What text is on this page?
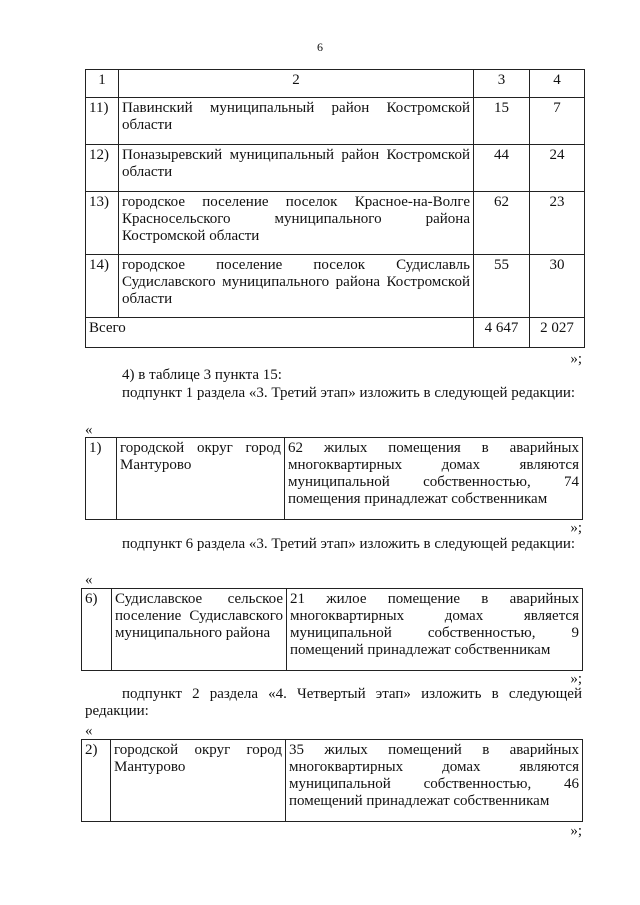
6
1	2	3	4
11)	Павинский муниципальный район Костромской области	15	7
12)	Поназыревский муниципальный район Костромской области	44	24
13)	городское поселение поселок Красное-на-Волге Красносельского муниципального района Костромской области	62	23
14)	городское поселение поселок Судиславль Судиславского муниципального района Костромской области	55	30
Всего		4 647	2 027
»;
4) в таблице 3 пункта 15:
подпункт 1 раздела «3. Третий этап» изложить в следующей редакции:
«
1)	городской округ город Мантурово	62 жилых помещения в аварийных многоквартирных домах являются муниципальной собственностью, 74 помещения принадлежат собственникам
»;
подпункт 6 раздела «3. Третий этап» изложить в следующей редакции:
«
6)	Судиславское сельское поселение Судиславского муниципального района	21 жилое помещение в аварийных многоквартирных домах является муниципальной собственностью, 9 помещений принадлежат собственникам
»;
подпункт 2 раздела «4. Четвертый этап» изложить в следующей редакции:
«
2)	городской округ город Мантурово	35 жилых помещений в аварийных многоквартирных домах являются муниципальной собственностью, 46 помещений принадлежат собственникам
»;
